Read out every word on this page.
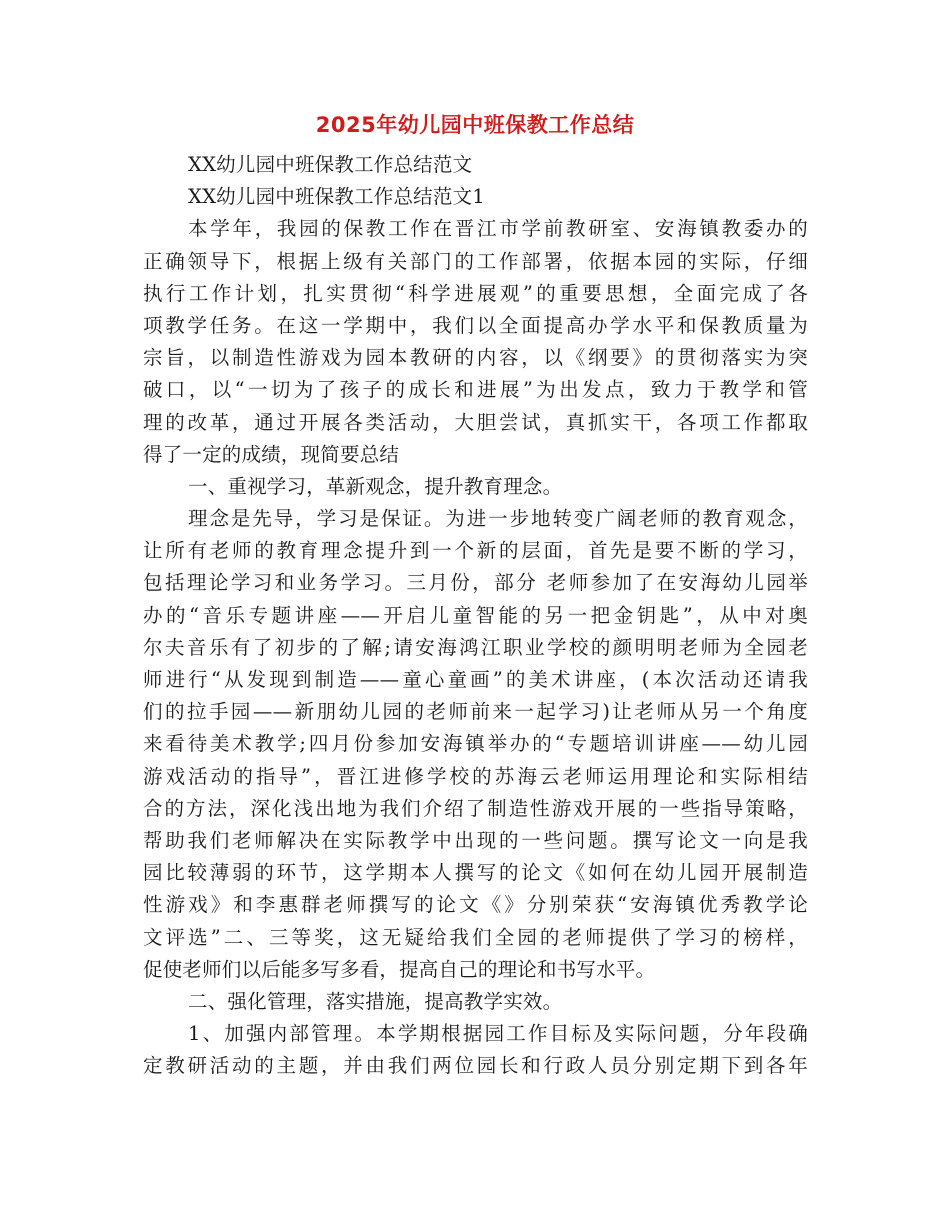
2025年幼儿园中班保教工作总结
XX幼儿园中班保教工作总结范文
XX幼儿园中班保教工作总结范文1
本学年，我园的保教工作在晋江市学前教研室、安海镇教委办的
正确领导下，根据上级有关部门的工作部署，依据本园的实际，仔细
执行工作计划，扎实贯彻“科学进展观”的重要思想，全面完成了各
项教学任务。在这一学期中，我们以全面提高办学水平和保教质量为
宗旨，以制造性游戏为园本教研的内容，以《纲要》的贯彻落实为突
破口，以“一切为了孩子的成长和进展”为出发点，致力于教学和管
理的改革，通过开展各类活动，大胆尝试，真抓实干，各项工作都取
得了一定的成绩，现简要总结
一、重视学习，革新观念，提升教育理念。
理念是先导，学习是保证。为进一步地转变广阔老师的教育观念，
让所有老师的教育理念提升到一个新的层面，首先是要不断的学习，
包括理论学习和业务学习。三月份，部分 老师参加了在安海幼儿园举
办的“音乐专题讲座——开启儿童智能的另一把金钥匙”，从中对奥
尔夫音乐有了初步的了解;请安海鸿江职业学校的颜明明老师为全园老
师进行“从发现到制造——童心童画”的美术讲座，(本次活动还请我
们的拉手园——新朋幼儿园的老师前来一起学习)让老师从另一个角度
来看待美术教学;四月份参加安海镇举办的“专题培训讲座——幼儿园
游戏活动的指导”，晋江进修学校的苏海云老师运用理论和实际相结
合的方法，深化浅出地为我们介绍了制造性游戏开展的一些指导策略，
帮助我们老师解决在实际教学中出现的一些问题。撰写论文一向是我
园比较薄弱的环节，这学期本人撰写的论文《如何在幼儿园开展制造
性游戏》和李惠群老师撰写的论文《》分别荣获“安海镇优秀教学论
文评选”二、三等奖，这无疑给我们全园的老师提供了学习的榜样，
促使老师们以后能多写多看，提高自己的理论和书写水平。
二、强化管理，落实措施，提高教学实效。
1、加强内部管理。本学期根据园工作目标及实际问题，分年段确
定教研活动的主题，并由我们两位园长和行政人员分别定期下到各年
